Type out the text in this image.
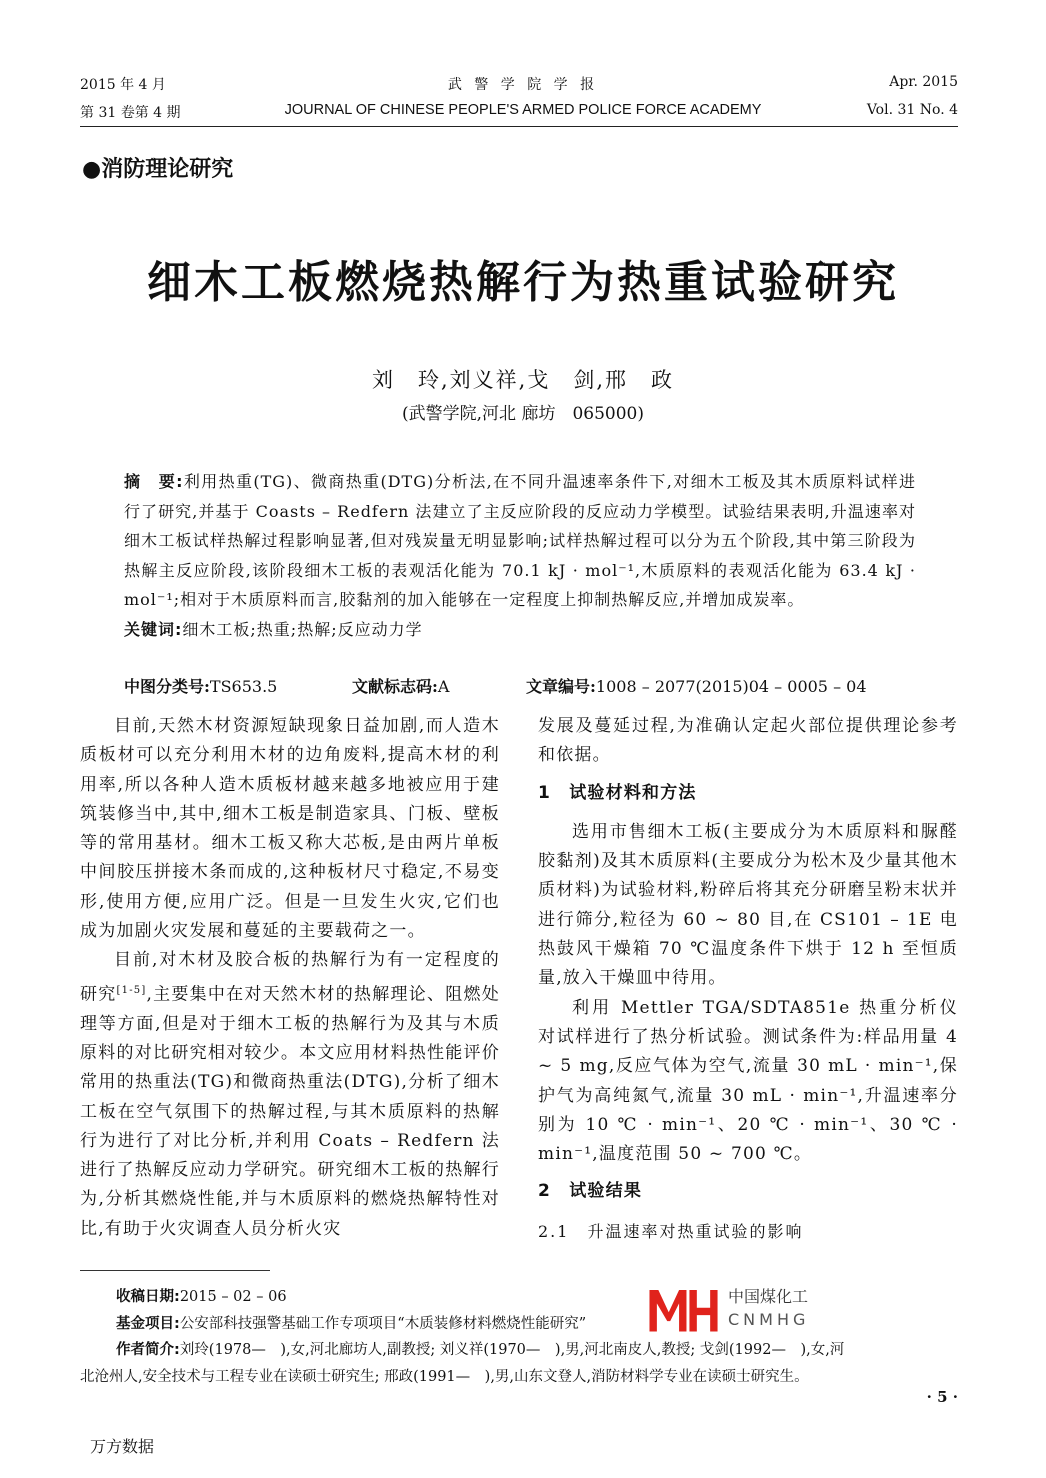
2015 年 4 月
第 31 卷第 4 期
武 警 学 院 学 报
JOURNAL OF CHINESE PEOPLE'S ARMED POLICE FORCE ACADEMY
Apr. 2015
Vol. 31 No. 4
●消防理论研究
细木工板燃烧热解行为热重试验研究
刘　玲,刘义祥,戈　剑,邢　政
(武警学院,河北 廊坊　065000)
摘　要:利用热重(TG)、微商热重(DTG)分析法,在不同升温速率条件下,对细木工板及其木质原料试样进行了研究,并基于 Coasts – Redfern 法建立了主反应阶段的反应动力学模型。试验结果表明,升温速率对细木工板试样热解过程影响显著,但对残炭量无明显影响;试样热解过程可以分为五个阶段,其中第三阶段为热解主反应阶段,该阶段细木工板的表观活化能为 70.1 kJ · mol⁻¹,木质原料的表观活化能为 63.4 kJ · mol⁻¹;相对于木质原料而言,胶黏剂的加入能够在一定程度上抑制热解反应,并增加成炭率。
关键词:细木工板;热重;热解;反应动力学
中图分类号:TS653.5	文献标志码:A	文章编号:1008 – 2077(2015)04 – 0005 – 04

目前,天然木材资源短缺现象日益加剧,而人造木质板材可以充分利用木材的边角废料,提高木材的利用率,所以各种人造木质板材越来越多地被应用于建筑装修当中,其中,细木工板是制造家具、门板、壁板等的常用基材。细木工板又称大芯板,是由两片单板中间胶压拼接木条而成的,这种板材尺寸稳定,不易变形,使用方便,应用广泛。但是一旦发生火灾,它们也成为加剧火灾发展和蔓延的主要载荷之一。

目前,对木材及胶合板的热解行为有一定程度的研究[1-5],主要集中在对天然木材的热解理论、阻燃处理等方面,但是对于细木工板的热解行为及其与木质原料的对比研究相对较少。本文应用材料热性能评价常用的热重法(TG)和微商热重法(DTG),分析了细木工板在空气氛围下的热解过程,与其木质原料的热解行为进行了对比分析,并利用 Coats – Redfern 法进行了热解反应动力学研究。研究细木工板的热解行为,分析其燃烧性能,并与木质原料的燃烧热解特性对比,有助于火灾调查人员分析火灾

发展及蔓延过程,为准确认定起火部位提供理论参考和依据。

1　试验材料和方法

选用市售细木工板(主要成分为木质原料和脲醛胶黏剂)及其木质原料(主要成分为松木及少量其他木质材料)为试验材料,粉碎后将其充分研磨呈粉末状并进行筛分,粒径为 60 ~ 80 目,在 CS101 – 1E 电热鼓风干燥箱 70 ℃温度条件下烘于 12 h 至恒质量,放入干燥皿中待用。

利用 Mettler TGA/SDTA851e 热重分析仪对试样进行了热分析试验。测试条件为:样品用量 4 ~ 5 mg,反应气体为空气,流量 30 mL · min⁻¹,保护气为高纯氮气,流量 30 mL · min⁻¹,升温速率分别为 10 ℃ · min⁻¹、20 ℃ · min⁻¹、30 ℃ · min⁻¹,温度范围 50 ~ 700 ℃。

2　试验结果
2.1　升温速率对热重试验的影响
收稿日期:2015 – 02 – 06
基金项目:公安部科技强警基础工作专项项目“木质装修材料燃烧性能研究”
作者简介:刘玲(1978—　),女,河北廊坊人,副教授; 刘义祥(1970—　),男,河北南皮人,教授; 戈剑(1992—　),女,河
北沧州人,安全技术与工程专业在读硕士研究生; 邢政(1991—　),男,山东文登人,消防材料学专业在读硕士研究生。
中国煤化工
CNMHG
· 5 ·
万方数据
